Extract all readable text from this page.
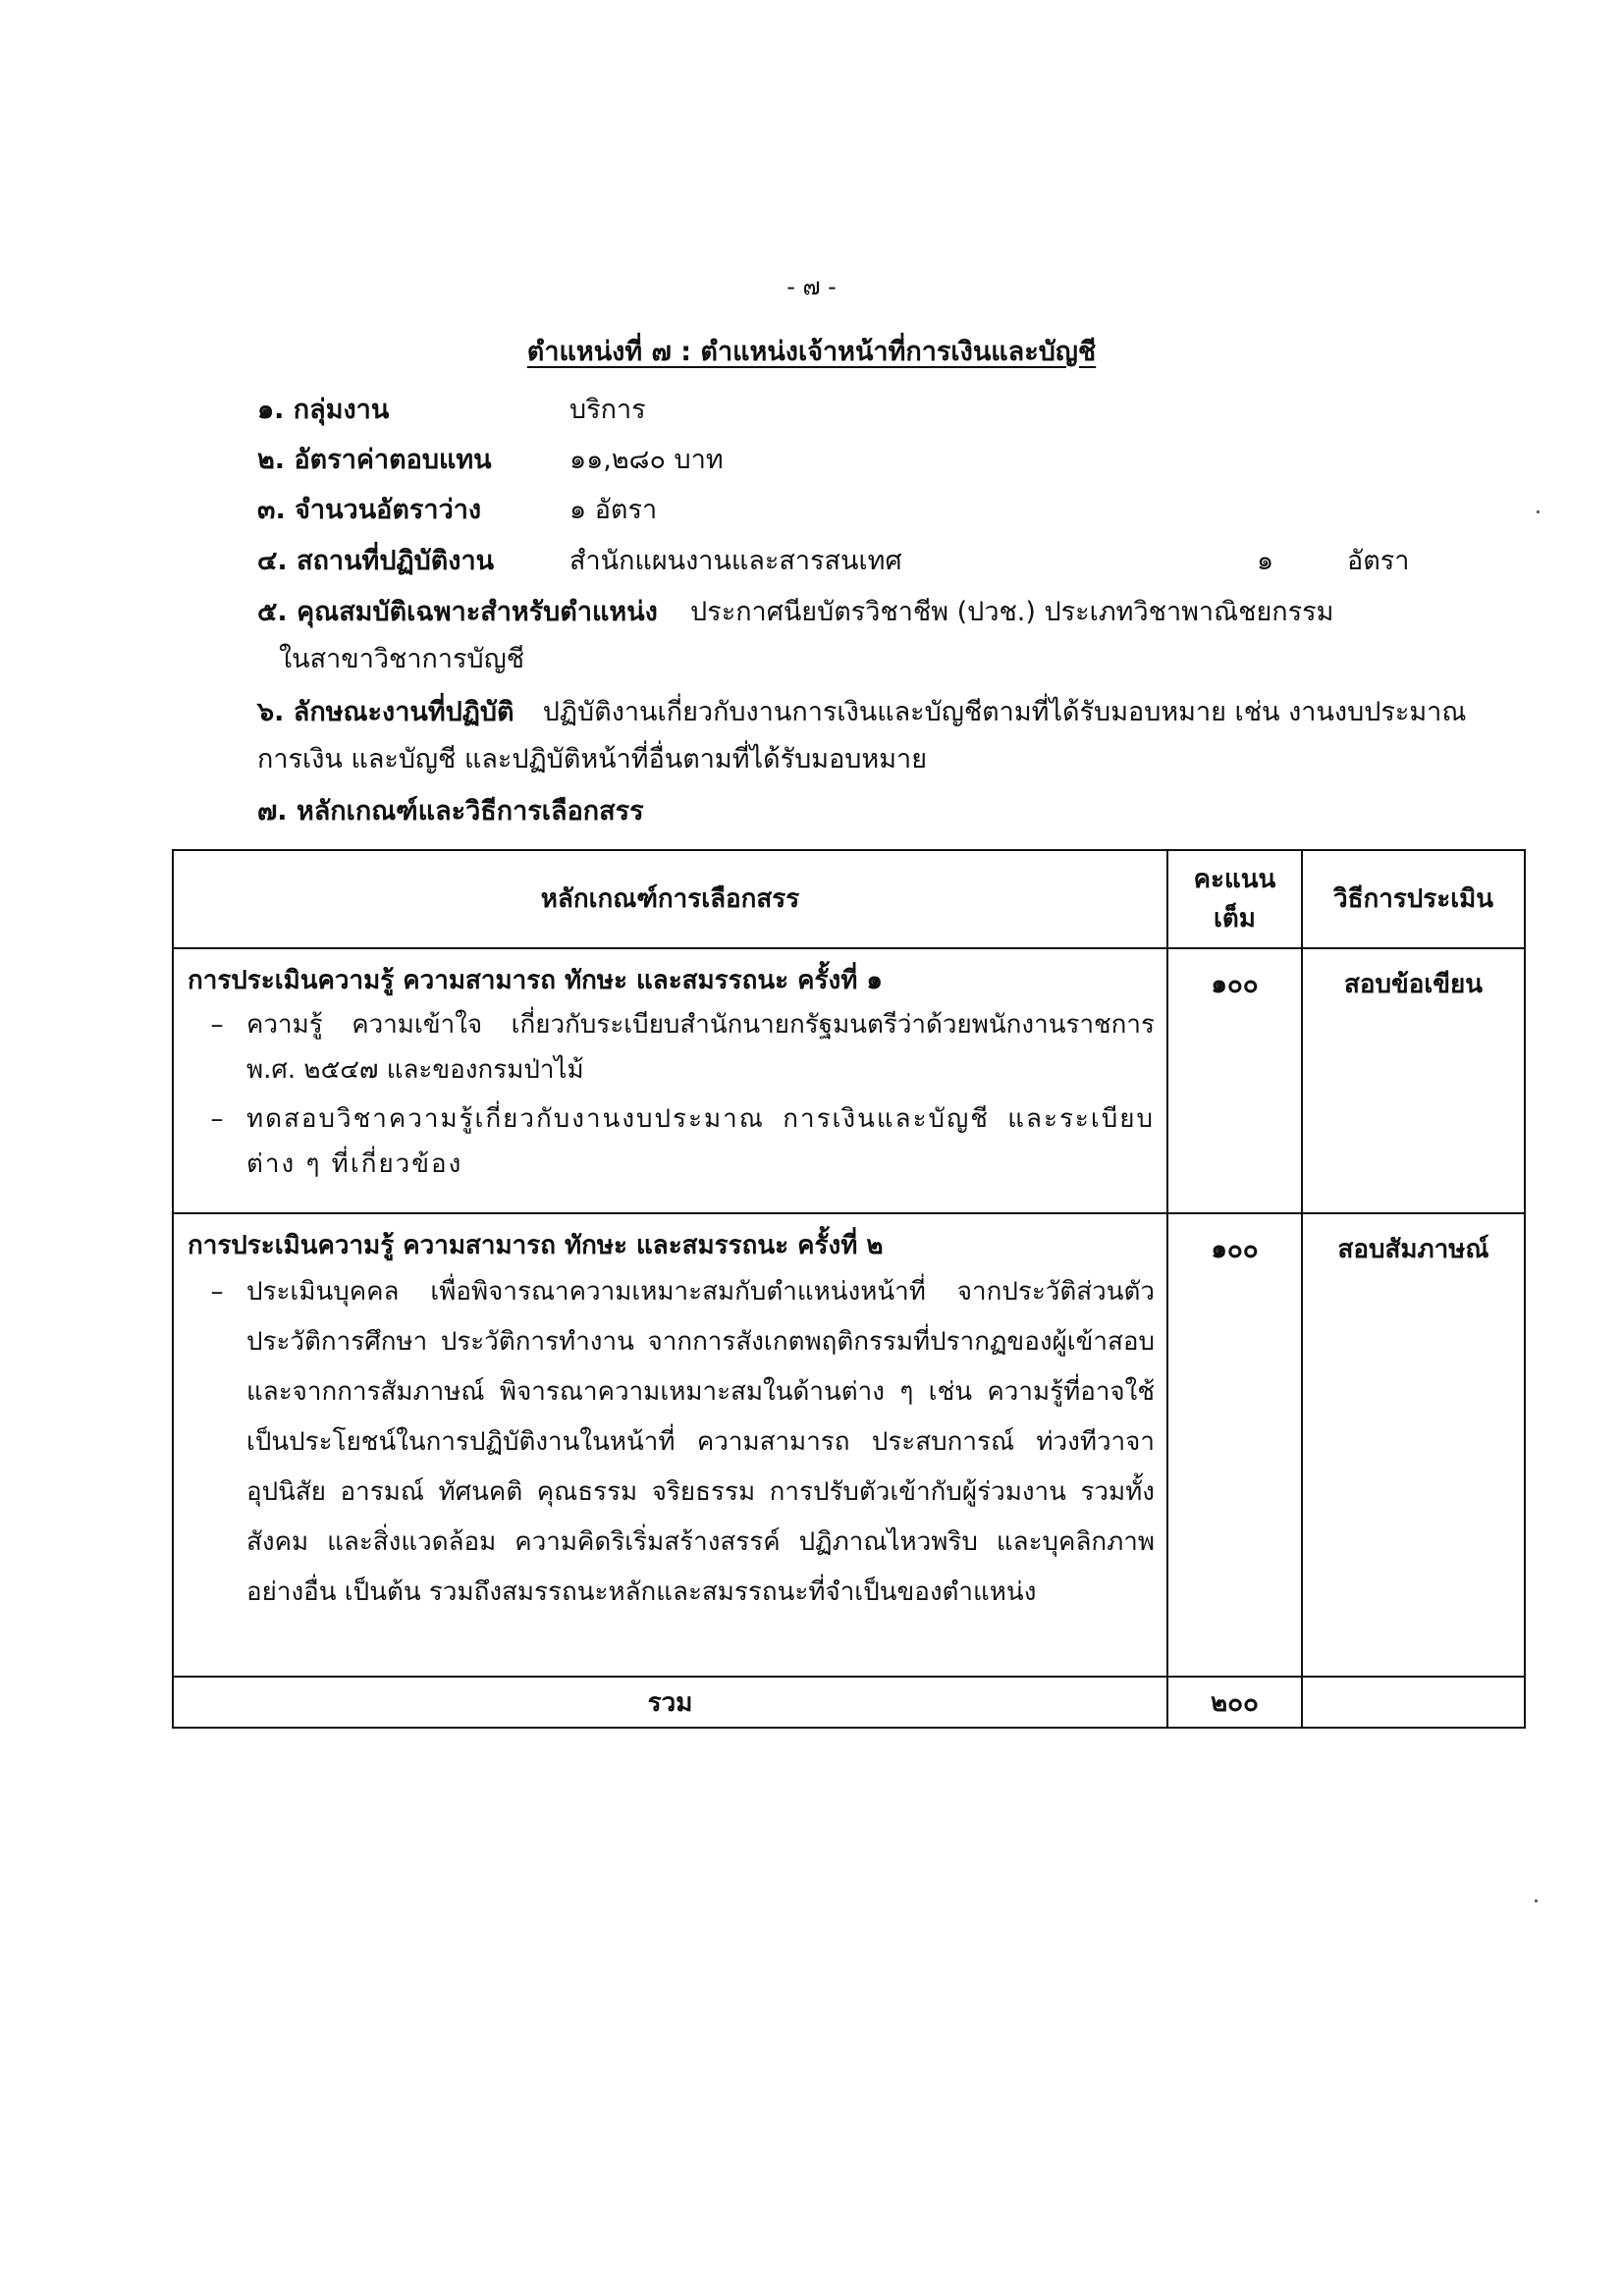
- ๗ -
ตำแหน่งที่ ๗ : ตำแหน่งเจ้าหน้าที่การเงินและบัญชี
๑. กลุ่มงาน	บริการ
๒. อัตราค่าตอบแทน	๑๑,๒๘๐ บาท
๓. จำนวนอัตราว่าง	๑ อัตรา
๔. สถานที่ปฏิบัติงาน	สำนักแผนงานและสารสนเทศ	๑	อัตรา
๕. คุณสมบัติเฉพาะสำหรับตำแหน่ง ประกาศนียบัตรวิชาชีพ (ปวช.) ประเภทวิชาพาณิชยกรรม
ในสาขาวิชาการบัญชี
๖. ลักษณะงานที่ปฏิบัติ ปฏิบัติงานเกี่ยวกับงานการเงินและบัญชีตามที่ได้รับมอบหมาย เช่น งานงบประมาณ
การเงิน และบัญชี และปฏิบัติหน้าที่อื่นตามที่ได้รับมอบหมาย
๗. หลักเกณฑ์และวิธีการเลือกสรร
หลักเกณฑ์การเลือกสรร	คะแนนเต็ม	วิธีการประเมิน

การประเมินความรู้ ความสามารถ ทักษะ และสมรรถนะ ครั้งที่ ๑
– ความรู้ ความเข้าใจ เกี่ยวกับระเบียบสำนักนายกรัฐมนตรีว่าด้วยพนักงานราชการ พ.ศ. ๒๕๔๗ และของกรมป่าไม้
– ทดสอบวิชาความรู้เกี่ยวกับงานงบประมาณ การเงินและบัญชี และระเบียบต่าง ๆ ที่เกี่ยวข้อง	๑๐๐	สอบข้อเขียน

การประเมินความรู้ ความสามารถ ทักษะ และสมรรถนะ ครั้งที่ ๒
– ประเมินบุคคล เพื่อพิจารณาความเหมาะสมกับตำแหน่งหน้าที่ จากประวัติส่วนตัว ประวัติการศึกษา ประวัติการทำงาน จากการสังเกตพฤติกรรมที่ปรากฏของผู้เข้าสอบและจากการสัมภาษณ์ พิจารณาความเหมาะสมในด้านต่าง ๆ เช่น ความรู้ที่อาจใช้เป็นประโยชน์ในการปฏิบัติงานในหน้าที่ ความสามารถ ประสบการณ์ ท่วงทีวาจา อุปนิสัย อารมณ์ ทัศนคติ คุณธรรม จริยธรรม การปรับตัวเข้ากับผู้ร่วมงาน รวมทั้งสังคม และสิ่งแวดล้อม ความคิดริเริ่มสร้างสรรค์ ปฏิภาณไหวพริบ และบุคลิกภาพอย่างอื่น เป็นต้น รวมถึงสมรรถนะหลักและสมรรถนะที่จำเป็นของตำแหน่ง	๑๐๐	สอบสัมภาษณ์
รวม	๒๐๐	
